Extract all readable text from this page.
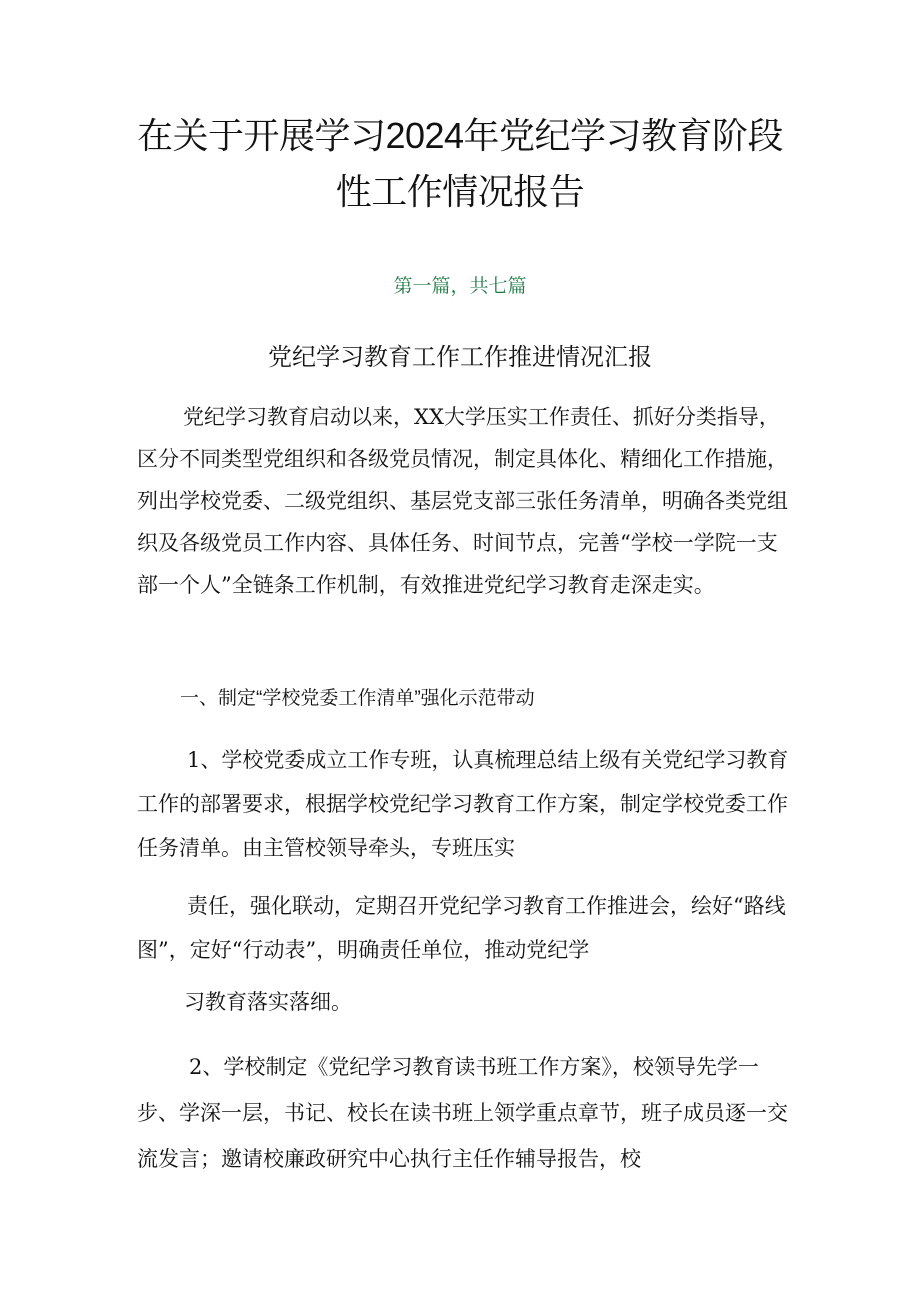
在关于开展学习2024年党纪学习教育阶段性工作情况报告
第一篇，共七篇
党纪学习教育工作工作推进情况汇报

党纪学习教育启动以来，XX大学压实工作责任、抓好分类指导，区分不同类型党组织和各级党员情况，制定具体化、精细化工作措施，列出学校党委、二级党组织、基层党支部三张任务清单，明确各类党组织及各级党员工作内容、具体任务、时间节点，完善“学校一学院一支部一个人”全链条工作机制，有效推进党纪学习教育走深走实。

一、制定“学校党委工作清单”强化示范带动

1、学校党委成立工作专班，认真梳理总结上级有关党纪学习教育工作的部署要求，根据学校党纪学习教育工作方案，制定学校党委工作任务清单。由主管校领导牵头，专班压实

责任，强化联动，定期召开党纪学习教育工作推进会，绘好“路线图”，定好“行动表”，明确责任单位，推动党纪学

习教育落实落细。

2、学校制定《党纪学习教育读书班工作方案》，校领导先学一步、学深一层，书记、校长在读书班上领学重点章节，班子成员逐一交流发言；邀请校廉政研究中心执行主任作辅导报告，校
